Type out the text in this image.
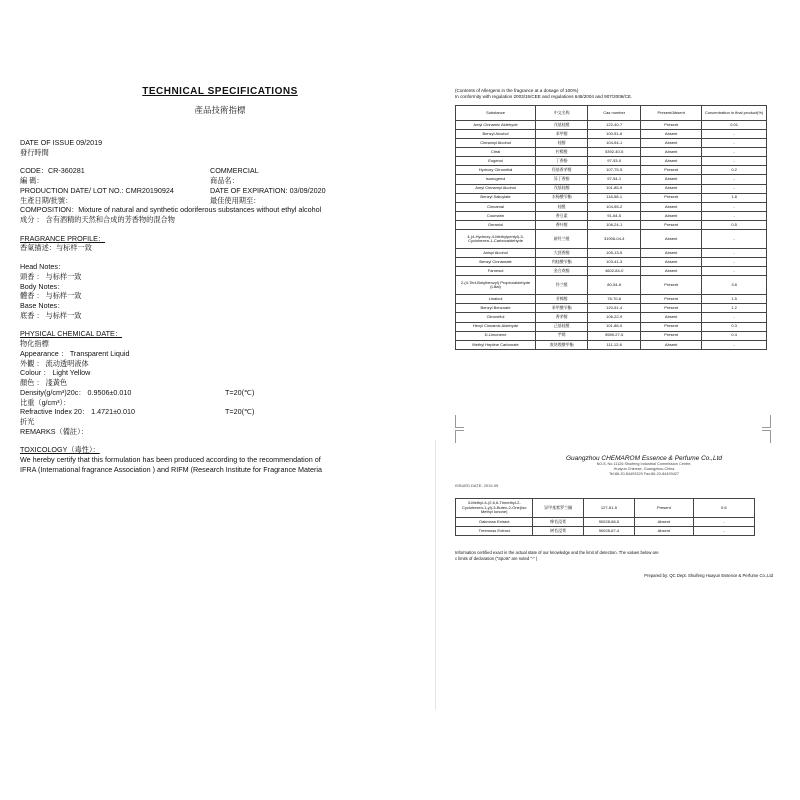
TECHNICAL SPECIFICATIONS
產品技術指標
DATE OF ISSUE 09/2019
發行時間
CODE：CR-360281	COMMERCIAL
編 碼：	商品名：
PRODUCTION DATE/ LOT NO.: CMR20190924	DATE OF EXPIRATION: 03/09/2020
生產日期/批號：	最佳使用期至：
COMPOSITION：Mixture of natural and synthetic odoriferous substances without ethyl alcohol
成分 ： 含有酒精的天然和合成的芳香物的混合物
FRAGRANCE PROFILE：
香氣描述：与标样一致
Head Notes：
頭香 ： 与标样一致
Body Notes：
體香 ： 与标样一致
Base Notes：
底香 ： 与标样一致
PHYSICAL CHEMICAL DATE：
物化指標
Appearance ： Transparent Liquid
外觀 ： 流动透明液体
Colour ： Light Yellow
顏色 ： 淺黃色
Density(g/cm³)20c： 0.9506±0.010	T=20(℃)
比重（g/cm³）：
Refractive Index 20： 1.4721±0.010	T=20(℃)
折光
REMARKS（備註）：
TOXICOLOGY（毒性）：
We hereby certify that this formulation has been produced according to the recommendation of
IFRA (International fragrance Association ) and RIFM (Research Institute for Fragrance Materia
(Contents of Allergens in the fragrance at a dosage of 100%)
In conformity with regulation 2003/15/CEE and regulations 648/2004 and 907/2006/CE.
Substance	中文名称	Cas number	Present/Absent	Concentration in final product(%)
Amyl Cinnamic Aldehyde	戊基桂醛	122-40-7	Present	0.01
Benzyl Alcohol	苯甲醇	100-51-6	Absent	-
Cinnamyl Alcohol	桂醇	104-54-1	Absent	-
Citral	柠檬醛	5392-40-5	Absent	-
Eugenol	丁香酚	97-53-0	Absent	-
Hydroxy Citronellal	羟基香茅醛	107-75-5	Present	0.2
Isoeugenol	异丁香酚	97-54-1	Absent	-
Amyl Cinnamyl Alcohol	戊基桂醇	101-85-9	Absent	-
Benzyl Salicylate	水杨酸苄酯	118-58-1	Present	1.8
Cinnamal	桂醛	104-55-2	Absent	-
Coumarin	香豆素	91-64-5	Absent	-
Geraniol	香叶醇	106-24-1	Present	0.5
4-(4-Hydroxy-4-Methylpentyl)-3-Cyclohexen-1-Carboxaldehyde	新铃兰醛	31906-04-4	Absent	-
Anisyl Alcohol	大茴香醇	105-13-5	Absent	-
Benzyl Cinnamate	肉桂酸苄酯	103-41-3	Absent	-
Farnesol	金合欢醇	4602-84-0	Absent	-
2-(4-Tert-Butylbenzyl) Propionaldehyde (Lilial)	铃兰醛	80-54-6	Present	3.8
Linalool	芳樟醇	78-70-6	Present	1.5
Benzyl Benzoate	苯甲酸苄酯	120-51-4	Present	1.2
Citronellol	香茅醇	106-22-9	Absent	-
Hexyl Cinnamic Aldehyde	己基桂醛	101-86-0	Present	0.3
D-Limonene	苧烯	5989-27-5	Present	0.4
Methyl Heptine Carbonate	庚炔羧酸甲酯	111-12-6	Absent	-
Guangzhou CHEMAROM Essence & Perfume Co.,Ltd
NO.8, No.11126 Shuifeng Industrial Commission Centre,
Huayun Chinese, Guangzhou,China
Tel:86-20-84493329 Fax:86-20-84493427
ISSUED DATE: 2019-09
3-Methyl-4-(2,6,6-Trimethyl-2-Cyclohexen-1-yl)-3-Buten-2-One(Iso Methyl Ionone)	异甲基紫罗兰酮	127-51-5	Present	0.6
Oakmoss Extract	橡苔浸膏	90028-68-5	Absent	-
Treemoss Extract	树苔浸膏	90028-67-4	Absent	-
Information certified exact in the actual state of our knowledge and the limit of detection. The values below are
c limits of declaration ("Spots" are noted "-" )
Prepared by: QC Dept. Shuifeng Huayun Essence & Perfume Co.,Ltd
